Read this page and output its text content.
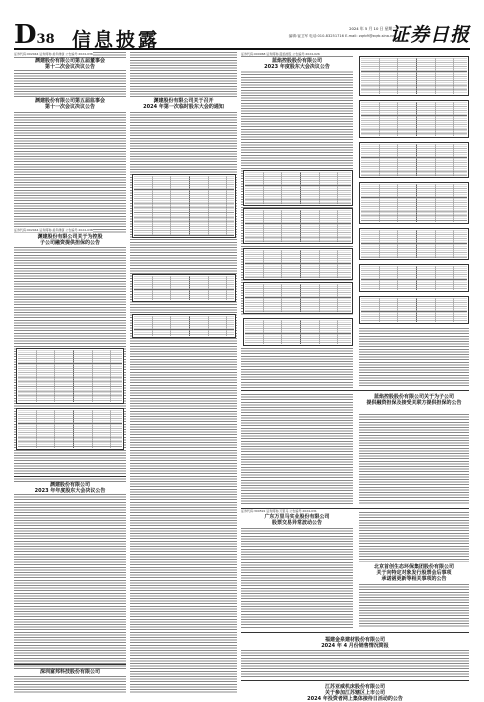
D38 信息披露
2024 年 5 月 10 日 星期二
编辑:崔卫军 电话:010-83251716 E-mail: zqrb9@zqrb.sina.net
证券日报
证券代码:002044 证券简称:美年健康 公告编号:2024-036
渊建股份有限公司第五届董事会
第十二次会议决议公告
渊建股份有限公司第五届监事会
第十一次会议决议公告
证券代码:002044 证券简称:美年健康 公告编号:2024-038
渊建股份有限公司关于为控股
子公司融资提供担保的公告
渊建股份有限公司
2023 年年度股东大会决议公告
深圳富邦科技股份有限公司
渊建股份有限公司关于召开
2024 年第一次临时股东大会的通知
证券代码:000968 证券简称:蓝焰控股 公告编号:2024-026
蓝焰控股股份有限公司
2023 年度股东大会决议公告
蓝焰控股股份有限公司关于为子公司
提供融资担保及接受关联方提供担保的公告
证券代码:300591 证券简称:万里马 公告编号:2024-031
广东万里马实业股份有限公司
股票交易异常波动公告
北京首创生态环保集团股份有限公司
关于向特定对象发行股票会后事项
承诺函更新等相关事项的公告
福建金泉建材股份有限公司
2024 年 4 月份销售情况简报
江苏亚威机床股份有限公司
关于参加江苏辖区上市公司
2024 年投资者网上集体接待日活动的公告
